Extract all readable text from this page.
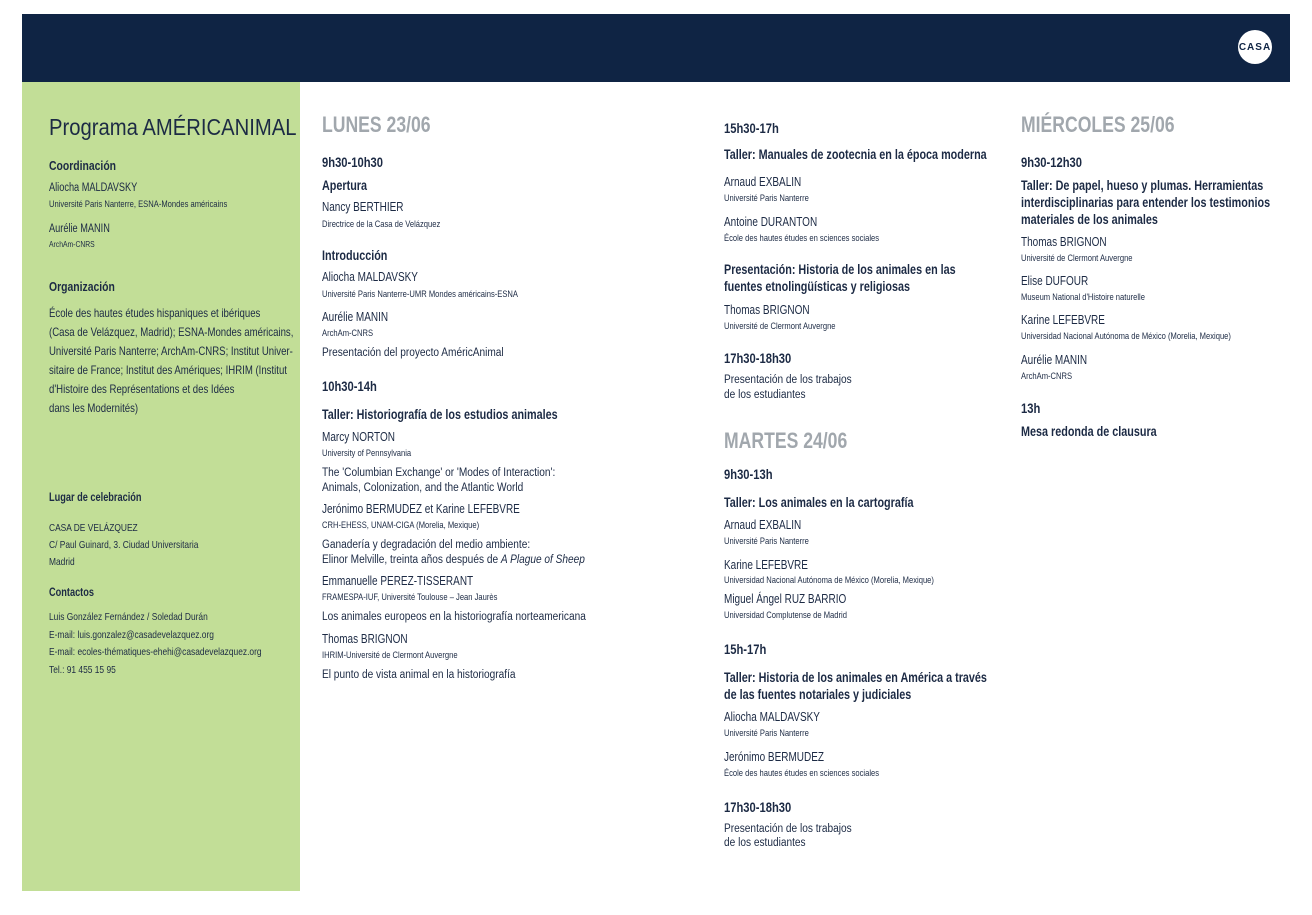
CASA
Programa AMÉRICANIMAL
Coordinación
Aliocha MALDAVSKY
Université Paris Nanterre, ESNA-Mondes américains
Aurélie MANIN
ArchAm-CNRS
Organización
École des hautes études hispaniques et ibériques
(Casa de Velázquez, Madrid); ESNA-Mondes américains,
Université Paris Nanterre; ArchAm-CNRS; Institut Univer-
sitaire de France; Institut des Amériques; IHRIM (Institut
d'Histoire des Représentations et des Idées
dans les Modernités)
Lugar de celebración
CASA DE VELÁZQUEZ
C/ Paul Guinard, 3. Ciudad Universitaria
Madrid
Contactos
Luis González Fernández / Soledad Durán
E-mail: luis.gonzalez@casadevelazquez.org
E-mail: ecoles-thématiques-ehehi@casadevelazquez.org
Tel.: 91 455 15 95
LUNES 23/06
9h30-10h30
Apertura
Nancy BERTHIER
Directrice de la Casa de Velázquez
Introducción
Aliocha MALDAVSKY
Université Paris Nanterre-UMR Mondes américains-ESNA
Aurélie MANIN
ArchAm-CNRS
Presentación del proyecto AméricAnimal
10h30-14h
Taller: Historiografía de los estudios animales
Marcy NORTON
University of Pennsylvania
The 'Columbian Exchange' or 'Modes of Interaction':
Animals, Colonization, and the Atlantic World
Jerónimo BERMUDEZ et Karine LEFEBVRE
CRH-EHESS, UNAM-CIGA (Morelia, Mexique)
Ganadería y degradación del medio ambiente:
Elinor Melville, treinta años después de A Plague of Sheep
Emmanuelle PEREZ-TISSERANT
FRAMESPA-IUF, Université Toulouse – Jean Jaurès
Los animales europeos en la historiografía norteamericana
Thomas BRIGNON
IHRIM-Université de Clermont Auvergne
El punto de vista animal en la historiografía
15h30-17h
Taller: Manuales de zootecnia en la época moderna
Arnaud EXBALIN
Université Paris Nanterre
Antoine DURANTON
École des hautes études en sciences sociales
Presentación: Historia de los animales en las
fuentes etnolingüísticas y religiosas
Thomas BRIGNON
Université de Clermont Auvergne
17h30-18h30
Presentación de los trabajos
de los estudiantes
MARTES 24/06
9h30-13h
Taller: Los animales en la cartografía
Arnaud EXBALIN
Université Paris Nanterre
Karine LEFEBVRE
Universidad Nacional Autónoma de México (Morelia, Mexique)
Miguel Ángel RUZ BARRIO
Universidad Complutense de Madrid
15h-17h
Taller: Historia de los animales en América a través
de las fuentes notariales y judiciales
Aliocha MALDAVSKY
Université Paris Nanterre
Jerónimo BERMUDEZ
École des hautes études en sciences sociales
17h30-18h30
Presentación de los trabajos
de los estudiantes
MIÉRCOLES 25/06
9h30-12h30
Taller: De papel, hueso y plumas. Herramientas
interdisciplinarias para entender los testimonios
materiales de los animales
Thomas BRIGNON
Université de Clermont Auvergne
Elise DUFOUR
Museum National d'Histoire naturelle
Karine LEFEBVRE
Universidad Nacional Autónoma de México (Morelia, Mexique)
Aurélie MANIN
ArchAm-CNRS
13h
Mesa redonda de clausura
